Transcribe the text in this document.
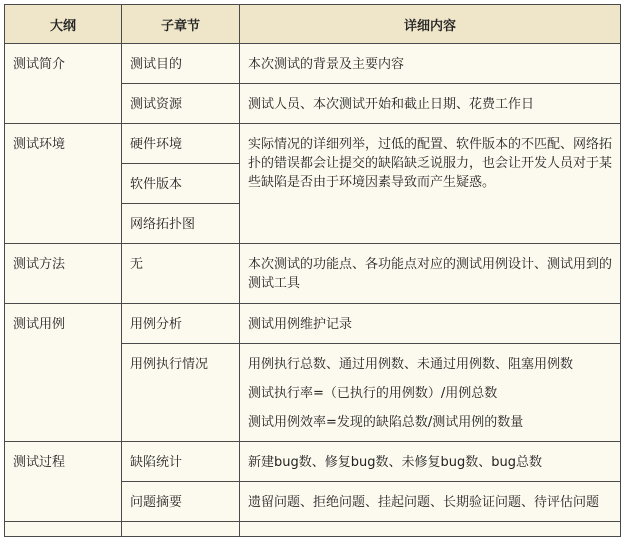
大纲	子章节	详细内容
测试简介	测试目的	本次测试的背景及主要内容
	测试资源	测试人员、本次测试开始和截止日期、花费工作日
测试环境	硬件环境	实际情况的详细列举，过低的配置、软件版本的不匹配、网络拓扑的错误都会让提交的缺陷缺乏说服力，也会让开发人员对于某些缺陷是否由于环境因素导致而产生疑惑。
	软件版本	
	网络拓扑图	
测试方法	无	本次测试的功能点、各功能点对应的测试用例设计、测试用到的测试工具
测试用例	用例分析	测试用例维护记录
	用例执行情况	用例执行总数、通过用例数、未通过用例数、阻塞用例数
测试执行率=（已执行的用例数）/用例总数
测试用例效率=发现的缺陷总数/测试用例的数量

测试过程	缺陷统计	新建bug数、修复bug数、未修复bug数、bug总数
	问题摘要	遗留问题、拒绝问题、挂起问题、长期验证问题、待评估问题
